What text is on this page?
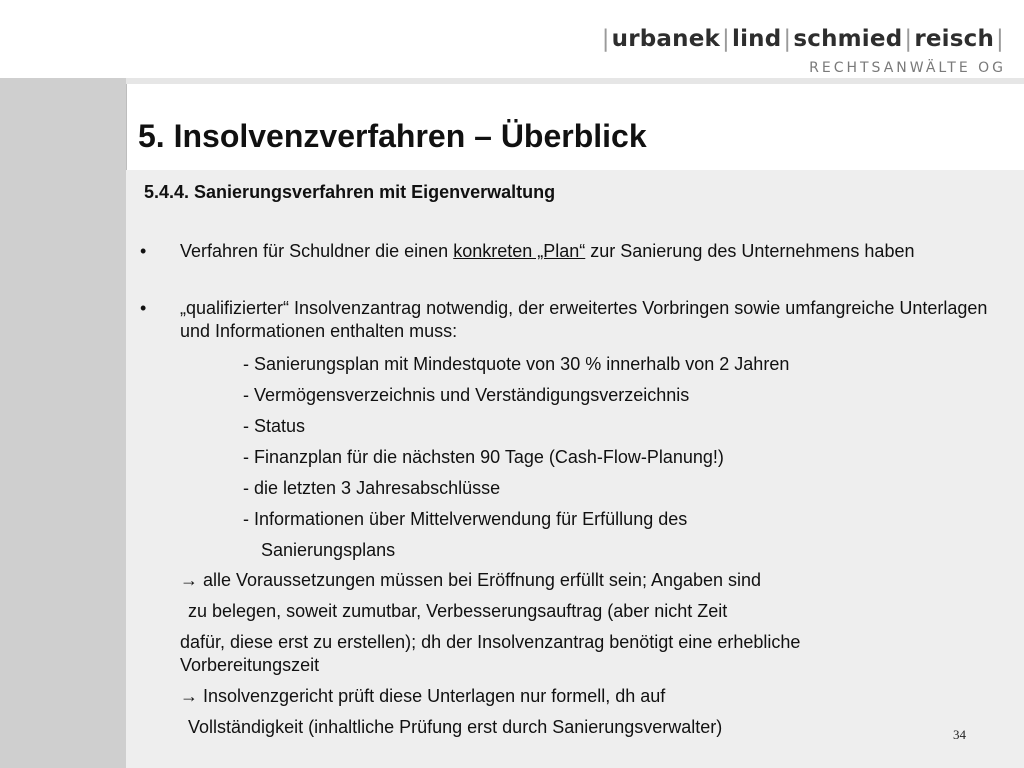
|urbanek|lind|schmied|reisch|
RECHTSANWÄLTE OG
5. Insolvenzverfahren – Überblick
5.4.4. Sanierungsverfahren mit Eigenverwaltung
•	Verfahren für Schuldner die einen konkreten „Plan“ zur Sanierung des Unternehmens haben
•	„qualifizierter“ Insolvenzantrag notwendig, der erweitertes Vorbringen sowie umfangreiche Unterlagen und Informationen enthalten muss:
- Sanierungsplan mit Mindestquote von 30 % innerhalb von 2 Jahren
- Vermögensverzeichnis und Verständigungsverzeichnis
- Status
- Finanzplan für die nächsten 90 Tage (Cash-Flow-Planung!)
- die letzten 3 Jahresabschlüsse
- Informationen über Mittelverwendung für Erfüllung des
Sanierungsplans
→ alle Voraussetzungen müssen bei Eröffnung erfüllt sein; Angaben sind
zu belegen, soweit zumutbar, Verbesserungsauftrag (aber nicht Zeit
dafür, diese erst zu erstellen); dh der Insolvenzantrag benötigt eine erhebliche
Vorbereitungszeit
→ Insolvenzgericht prüft diese Unterlagen nur formell, dh auf
Vollständigkeit (inhaltliche Prüfung erst durch Sanierungsverwalter)	34
